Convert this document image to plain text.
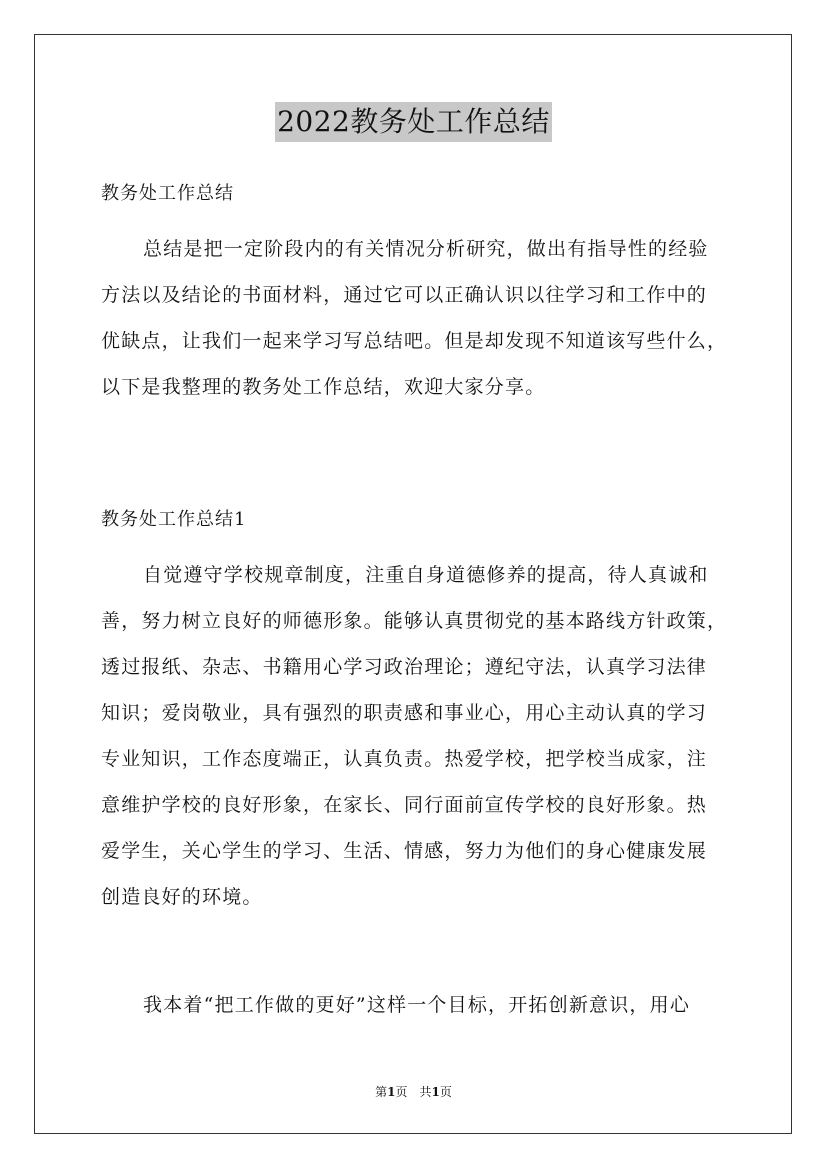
2022教务处工作总结
教务处工作总结
总结是把一定阶段内的有关情况分析研究，做出有指导性的经验
方法以及结论的书面材料，通过它可以正确认识以往学习和工作中的
优缺点，让我们一起来学习写总结吧。但是却发现不知道该写些什么，
以下是我整理的教务处工作总结，欢迎大家分享。
教务处工作总结1
自觉遵守学校规章制度，注重自身道德修养的提高，待人真诚和
善，努力树立良好的师德形象。能够认真贯彻党的基本路线方针政策，
透过报纸、杂志、书籍用心学习政治理论；遵纪守法，认真学习法律
知识；爱岗敬业，具有强烈的职责感和事业心，用心主动认真的学习
专业知识，工作态度端正，认真负责。热爱学校，把学校当成家，注
意维护学校的良好形象，在家长、同行面前宣传学校的良好形象。热
爱学生，关心学生的学习、生活、情感，努力为他们的身心健康发展
创造良好的环境。
我本着“把工作做的更好”这样一个目标，开拓创新意识，用心
第1页　共1页
